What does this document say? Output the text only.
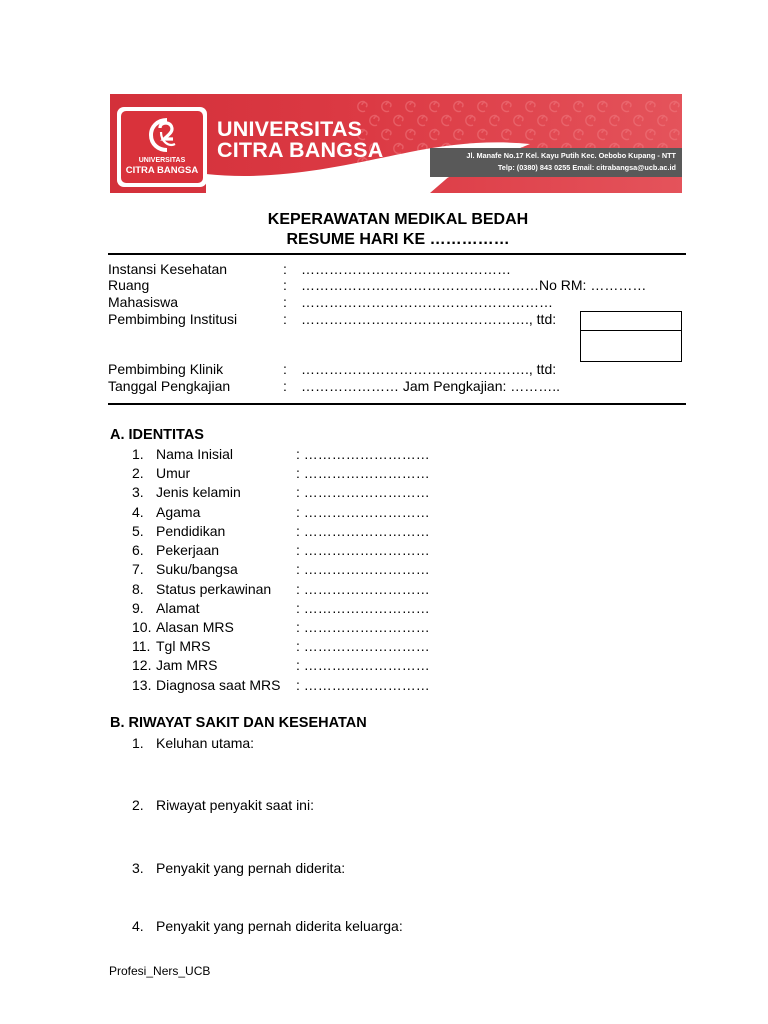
UNIVERSITAS
CITRA BANGSA
UNIVERSITAS
CITRA BANGSA	Jl. Manafe No.17 Kel. Kayu Putih Kec. Oebobo Kupang - NTT
Telp: (0380) 843 0255 Email: citrabangsa@ucb.ac.id
KEPERAWATAN MEDIKAL BEDAH
RESUME HARI KE ……………
Instansi Kesehatan	: ………………………………………
Ruang	: ……………………………………………No RM: …………
Mahasiswa	: ………………………………………………
Pembimbing Institusi	: …………………………………………., ttd:
Pembimbing Klinik	: …………………………………………., ttd:
Tanggal Pengkajian	: ………………… Jam Pengkajian: ………..
A. IDENTITAS
1. Nama Inisial	: ………………………
2. Umur	: ………………………
3. Jenis kelamin	: ………………………
4. Agama	: ………………………
5. Pendidikan	: ………………………
6. Pekerjaan	: ………………………
7. Suku/bangsa	: ………………………
8. Status perkawinan : ………………………
9. Alamat	: ………………………
10. Alasan MRS	: ………………………
11. Tgl MRS	: ………………………
12. Jam MRS	: ………………………
13. Diagnosa saat MRS : ………………………
B. RIWAYAT SAKIT DAN KESEHATAN
1. Keluhan utama:
2. Riwayat penyakit saat ini:
3. Penyakit yang pernah diderita:
4. Penyakit yang pernah diderita keluarga:
Profesi_Ners_UCB
